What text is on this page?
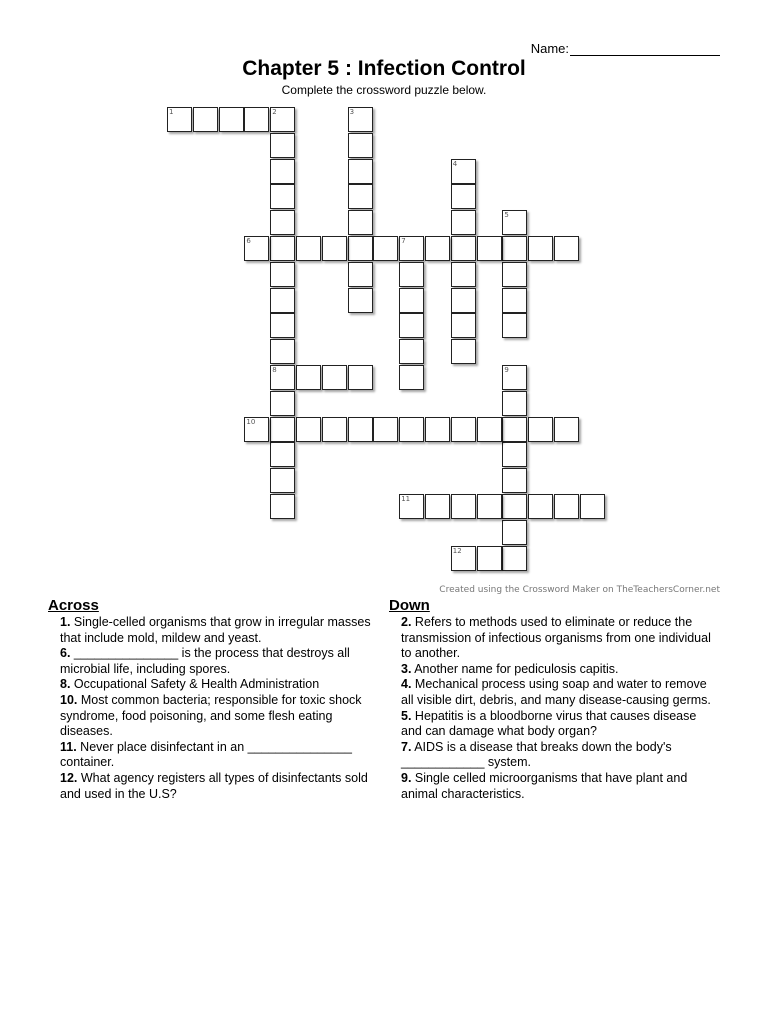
Name:
Chapter 5 : Infection Control
Complete the crossword puzzle below.
1	2
8
3
4
5
6	7
9
10
11
12
Created using the Crossword Maker on TheTeachersCorner.net
Across
1. Single-celled organisms that grow in irregular masses that include mold, mildew and yeast.
6. _______________ is the process that destroys all microbial life, including spores.
8. Occupational Safety & Health Administration
10. Most common bacteria; responsible for toxic shock syndrome, food poisoning, and some flesh eating diseases.
11. Never place disinfectant in an _______________ container.
12. What agency registers all types of disinfectants sold and used in the U.S?
Down
2. Refers to methods used to eliminate or reduce the transmission of infectious organisms from one individual to another.
3. Another name for pediculosis capitis.
4. Mechanical process using soap and water to remove all visible dirt, debris, and many disease-causing germs.
5. Hepatitis is a bloodborne virus that causes disease and can damage what body organ?
7. AIDS is a disease that breaks down the body's ____________ system.
9. Single celled microorganisms that have plant and animal characteristics.
